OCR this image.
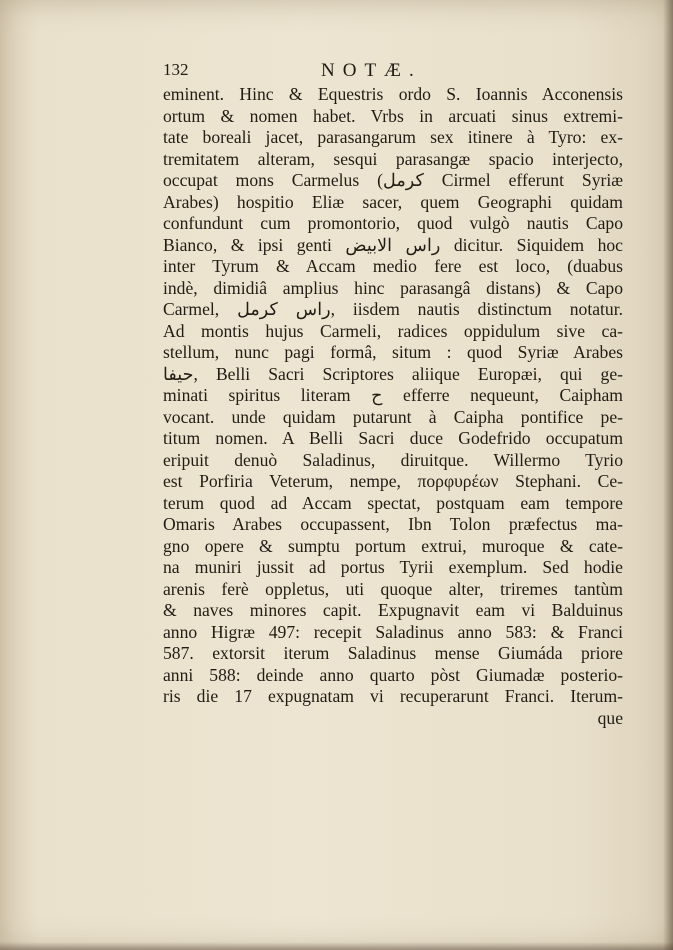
132	NOTÆ.
eminent. Hinc & Equestris ordo S. Ioannis Acconensis
ortum & nomen habet. Vrbs in arcuati sinus extremi-
tate boreali jacet, parasangarum sex itinere à Tyro: ex-
tremitatem alteram, sesqui parasangæ spacio interjecto,
occupat mons Carmelus (كرمل Cirmel efferunt Syriæ
Arabes) hospitio Eliæ sacer, quem Geographi quidam
confundunt cum promontorio, quod vulgò nautis Capo
Bianco, & ipsi genti راس الابيض dicitur. Siquidem hoc
inter Tyrum & Accam medio fere est loco, (duabus
indè, dimidiâ amplius hinc parasangâ distans) & Capo
Carmel, راس كرمل, iisdem nautis distinctum notatur.
Ad montis hujus Carmeli, radices oppidulum sive ca-
stellum, nunc pagi formâ, situm : quod Syriæ Arabes
حيفا, Belli Sacri Scriptores aliique Europæi, qui ge-
minati spiritus literam ح efferre nequeunt, Caipham
vocant. unde quidam putarunt à Caipha pontifice pe-
titum nomen. A Belli Sacri duce Godefrido occupatum
eripuit denuò Saladinus, diruitque. Willermo Tyrio
est Porfiria Veterum, nempe, πορφυρέων Stephani. Ce-
terum quod ad Accam spectat, postquam eam tempore
Omaris Arabes occupassent, Ibn Tolon præfectus ma-
gno opere & sumptu portum extrui, muroque & cate-
na muniri jussit ad portus Tyrii exemplum. Sed hodie
arenis ferè oppletus, uti quoque alter, triremes tantùm
& naves minores capit. Expugnavit eam vi Balduinus
anno Higræ 497: recepit Saladinus anno 583: & Franci
587. extorsit iterum Saladinus mense Giumáda priore
anni 588: deinde anno quarto pòst Giumadæ posterio-
ris die 17 expugnatam vi recuperarunt Franci. Iterum-
que
